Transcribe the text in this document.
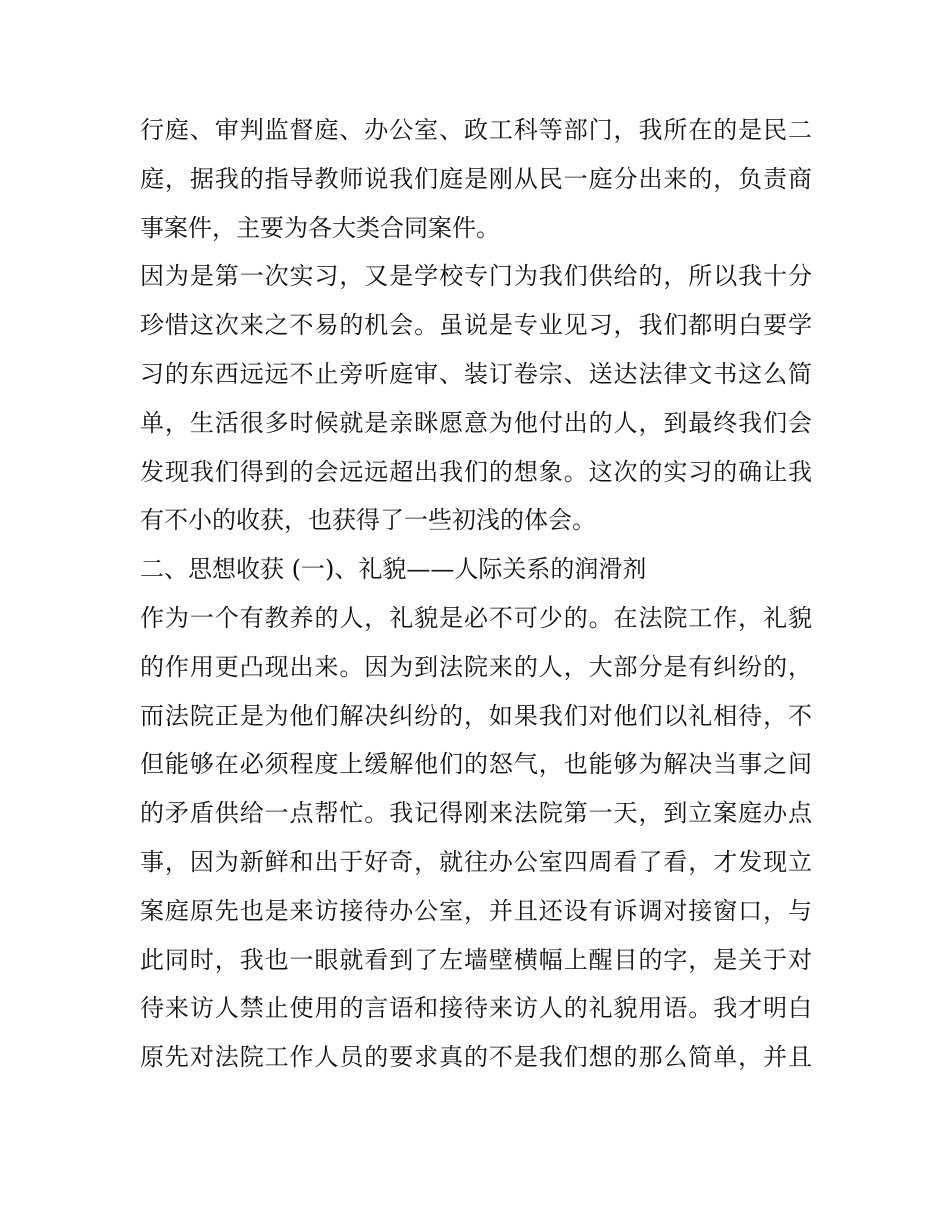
行庭、审判监督庭、办公室、政工科等部门，我所在的是民二
庭，据我的指导教师说我们庭是刚从民一庭分出来的，负责商
事案件，主要为各大类合同案件。
因为是第一次实习，又是学校专门为我们供给的，所以我十分
珍惜这次来之不易的机会。虽说是专业见习，我们都明白要学
习的东西远远不止旁听庭审、装订卷宗、送达法律文书这么简
单，生活很多时候就是亲眯愿意为他付出的人，到最终我们会
发现我们得到的会远远超出我们的想象。这次的实习的确让我
有不小的收获，也获得了一些初浅的体会。
二、思想收获 (一)、礼貌——人际关系的润滑剂
作为一个有教养的人，礼貌是必不可少的。在法院工作，礼貌
的作用更凸现出来。因为到法院来的人，大部分是有纠纷的，
而法院正是为他们解决纠纷的，如果我们对他们以礼相待，不
但能够在必须程度上缓解他们的怒气，也能够为解决当事之间
的矛盾供给一点帮忙。我记得刚来法院第一天，到立案庭办点
事，因为新鲜和出于好奇，就往办公室四周看了看，才发现立
案庭原先也是来访接待办公室，并且还设有诉调对接窗口，与
此同时，我也一眼就看到了左墙壁横幅上醒目的字，是关于对
待来访人禁止使用的言语和接待来访人的礼貌用语。我才明白
原先对法院工作人员的要求真的不是我们想的那么简单，并且
